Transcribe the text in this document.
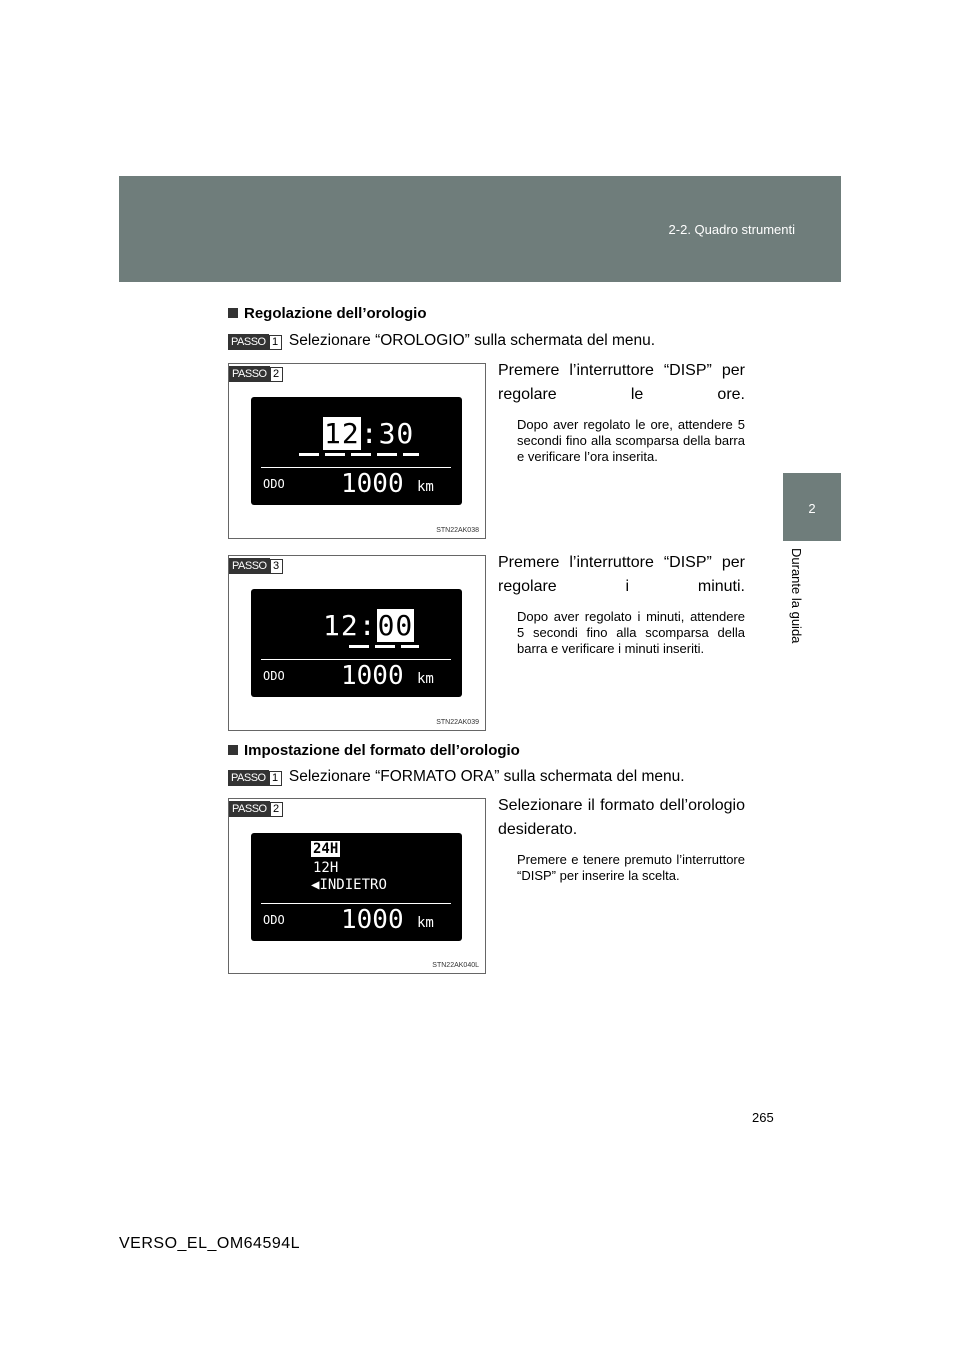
2-2. Quadro strumenti
2
Durante la guida
Regolazione dell’orologio
PASSO 1 Selezionare “OROLOGIO” sulla schermata del menu.
PASSO 2
12:30
ODO 1000 km
STN22AK038
Premere l’interruttore “DISP” per regolare le ore.
Dopo aver regolato le ore, attendere 5 secondi fino alla scomparsa della barra e verificare l’ora inserita.
PASSO 3
12:00
ODO 1000 km
STN22AK039
Premere l’interruttore “DISP” per regolare i minuti.
Dopo aver regolato i minuti, attendere 5 secondi fino alla scomparsa della barra e verificare i minuti inseriti.
Impostazione del formato dell’orologio
PASSO 1 Selezionare “FORMATO ORA” sulla schermata del menu.
PASSO 2
24H
12H
◀INDIETRO
ODO 1000 km
STN22AK040L
Selezionare il formato dell’orologio desiderato.
Premere e tenere premuto l’interruttore “DISP” per inserire la scelta.
265
VERSO_EL_OM64594L
